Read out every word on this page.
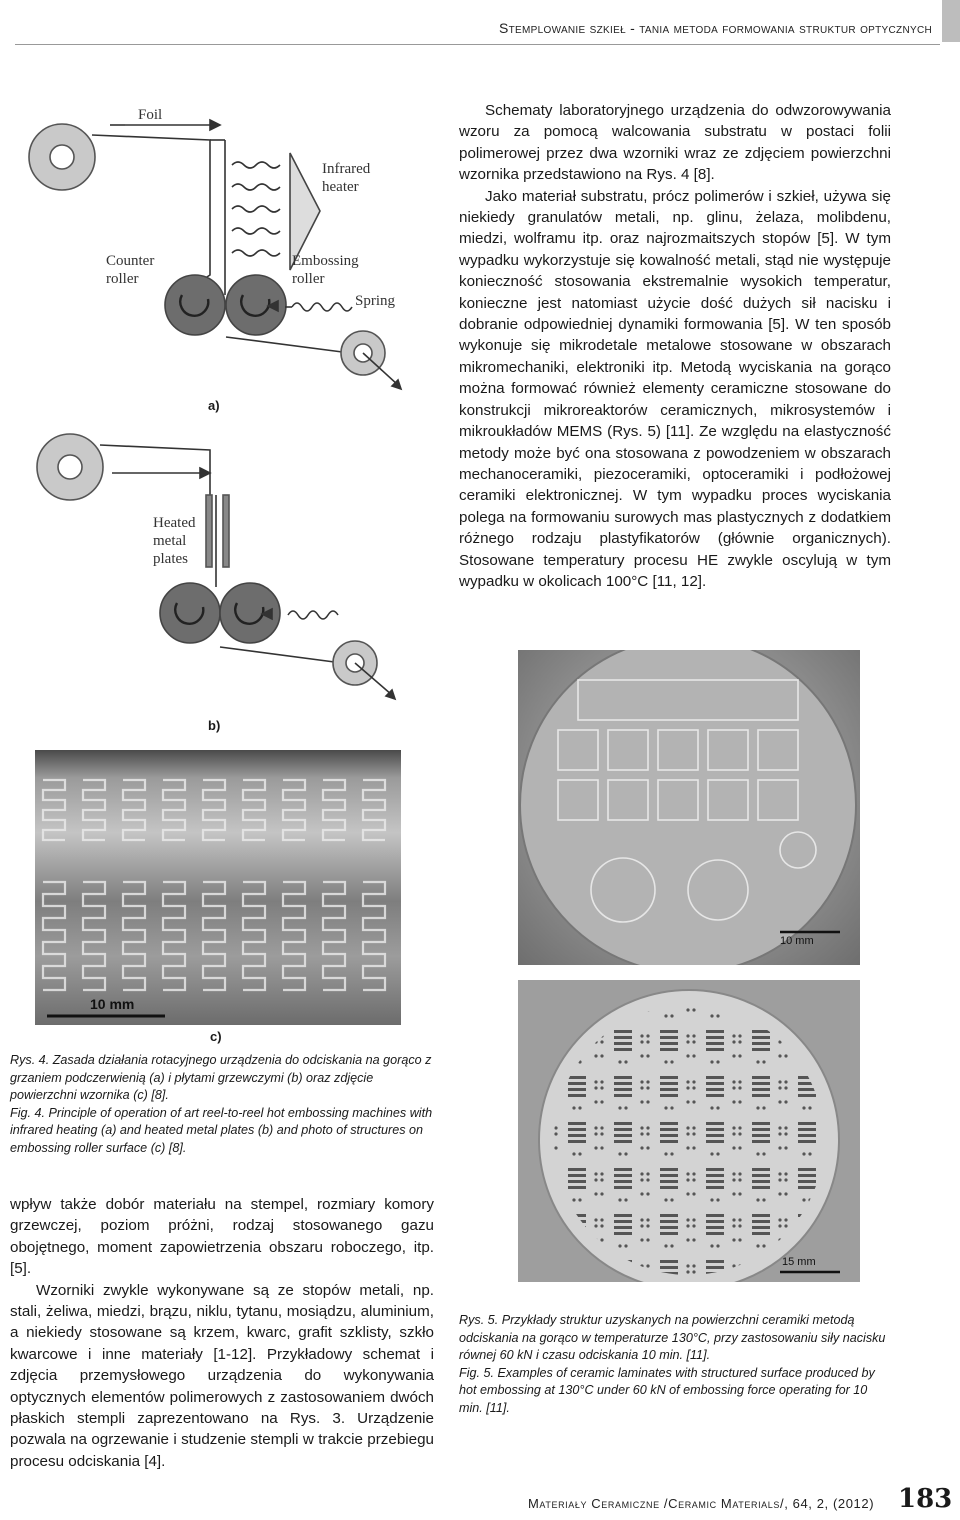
Stemplowanie szkieł - tania metoda formowania struktur optycznych
Foil
Infrared
heater
Counter
roller
Embossing
roller
Spring
Heated
metal
plates
a)
b)
10 mm
c)

Rys. 4. Zasada działania rotacyjnego urządzenia do odciskania na gorąco z grzaniem podczerwienią (a) i płytami grzewczymi (b) oraz zdjęcie powierzchni wzornika (c) [8].

Fig. 4. Principle of operation of art reel-to-reel hot embossing machines with infrared heating (a) and heated metal plates (b) and photo of structures on embossing roller surface (c) [8].

wpływ także dobór materiału na stempel, rozmiary komory grzewczej, poziom próżni, rodzaj stosowanego gazu obojętnego, moment zapowietrzenia obszaru roboczego, itp. [5].

Wzorniki zwykle wykonywane są ze stopów metali, np. stali, żeliwa, miedzi, brązu, niklu, tytanu, mosiądzu, aluminium, a niekiedy stosowane są krzem, kwarc, grafit szklisty, szkło kwarcowe i inne materiały [1-12]. Przykładowy schemat i zdjęcia przemysłowego urządzenia do wykonywania optycznych elementów polimerowych z zastosowaniem dwóch płaskich stempli zaprezentowano na Rys. 3. Urządzenie pozwala na ogrzewanie i studzenie stempli w trakcie przebiegu procesu odciskania [4].

Schematy laboratoryjnego urządzenia do odwzorowywania wzoru za pomocą walcowania substratu w postaci folii polimerowej przez dwa wzorniki wraz ze zdjęciem powierzchni wzornika przedstawiono na Rys. 4 [8].

Jako materiał substratu, prócz polimerów i szkieł, używa się niekiedy granulatów metali, np. glinu, żelaza, molibdenu, miedzi, wolframu itp. oraz najrozmaitszych stopów [5]. W tym wypadku wykorzystuje się kowalność metali, stąd nie występuje konieczność stosowania ekstremalnie wysokich temperatur, konieczne jest natomiast użycie dość dużych sił nacisku i dobranie odpowiedniej dynamiki formowania [5]. W ten sposób wykonuje się mikrodetale metalowe stosowane w obszarach mikromechaniki, elektroniki itp. Metodą wyciskania na gorąco można formować również elementy ceramiczne stosowane do konstrukcji mikroreaktorów ceramicznych, mikrosystemów i mikroukładów MEMS (Rys. 5) [11]. Ze względu na elastyczność metody może być ona stosowana z powodzeniem w obszarach mechanoceramiki, piezoceramiki, optoceramiki i podłożowej ceramiki elektronicznej. W tym wypadku proces wyciskania polega na formowaniu surowych mas plastycznych z dodatkiem różnego rodzaju plastyfikatorów (głównie organicznych). Stosowane temperatury procesu HE zwykle oscylują w tym wypadku w okolicach 100°C [11, 12].

10 mm
15 mm

Rys. 5. Przykłady struktur uzyskanych na powierzchni ceramiki metodą odciskania na gorąco w temperaturze 130°C, przy zastosowaniu siły nacisku równej 60 kN i czasu odciskania 10 min. [11].

Fig. 5. Examples of ceramic laminates with structured surface produced by hot embossing at 130°C under 60 kN of embossing force operating for 10 min. [11].

Materiały Ceramiczne /Ceramic Materials/, 64, 2, (2012) 183
